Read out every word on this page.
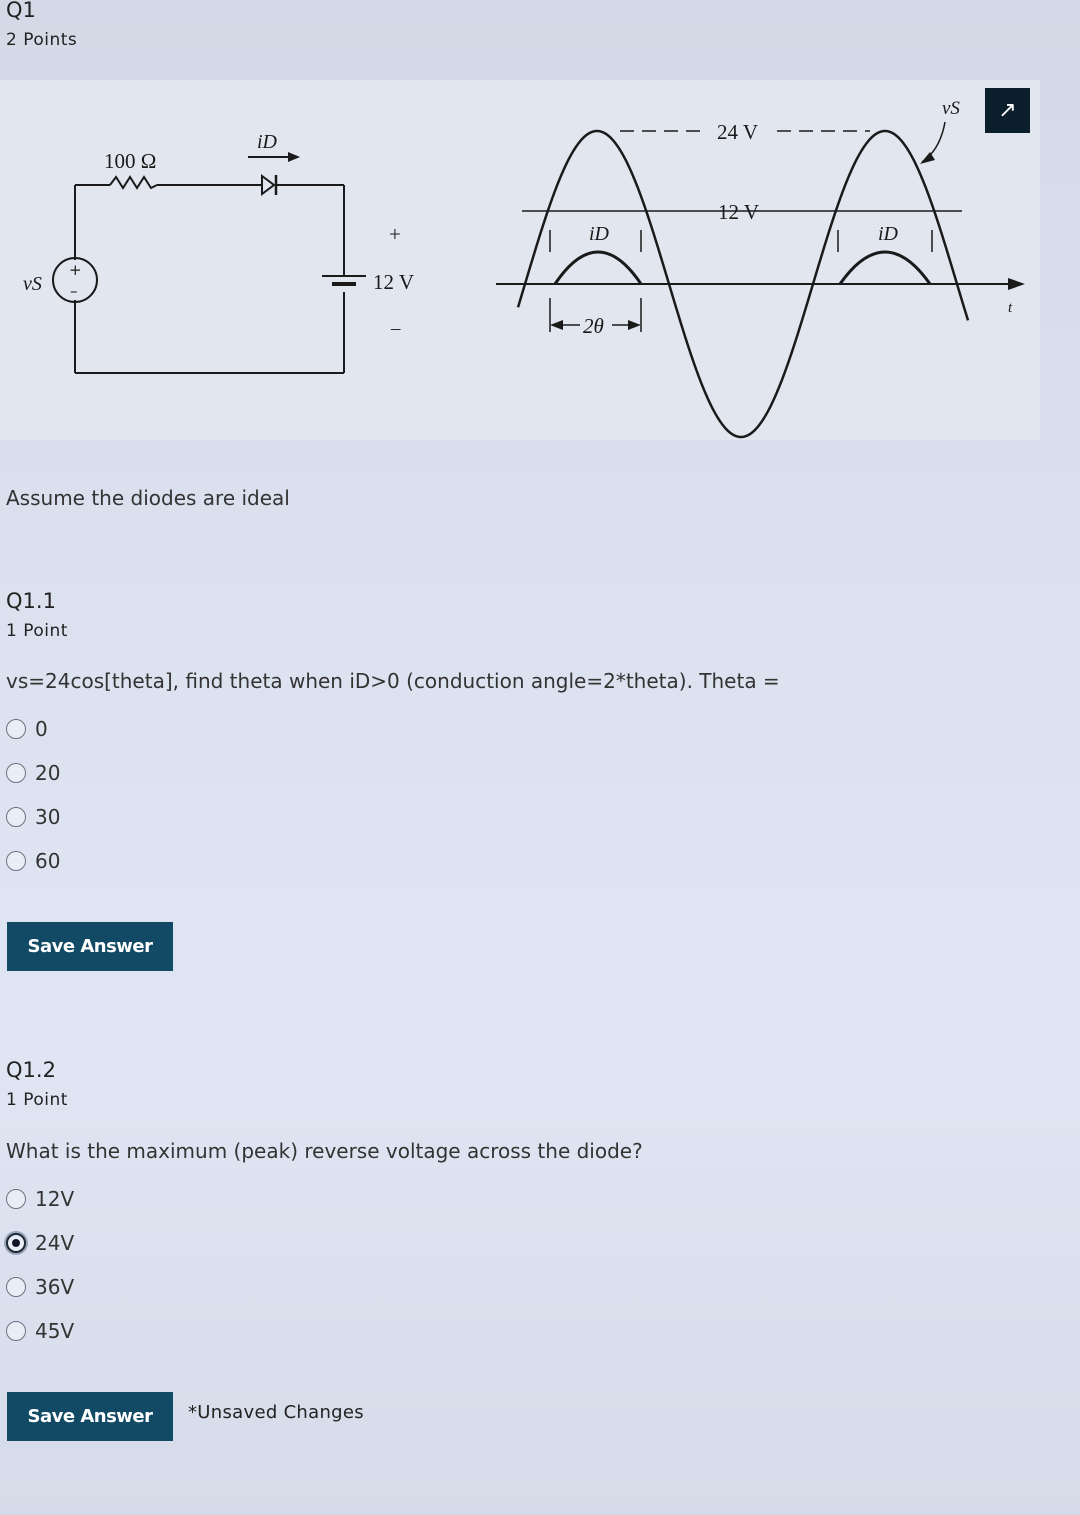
Q1
2 Points
100 Ω
iD
vS
+
–
+
12 V
–
24 V
12 V
iD	iD
2θ
vS
t
↗
Assume the diodes are ideal
Q1.1
1 Point
vs=24cos[theta], find theta when iD>0 (conduction angle=2*theta). Theta =
0
20
30
60
Save Answer
Q1.2
1 Point
What is the maximum (peak) reverse voltage across the diode?
12V
24V
36V
45V
Save Answer	*Unsaved Changes
